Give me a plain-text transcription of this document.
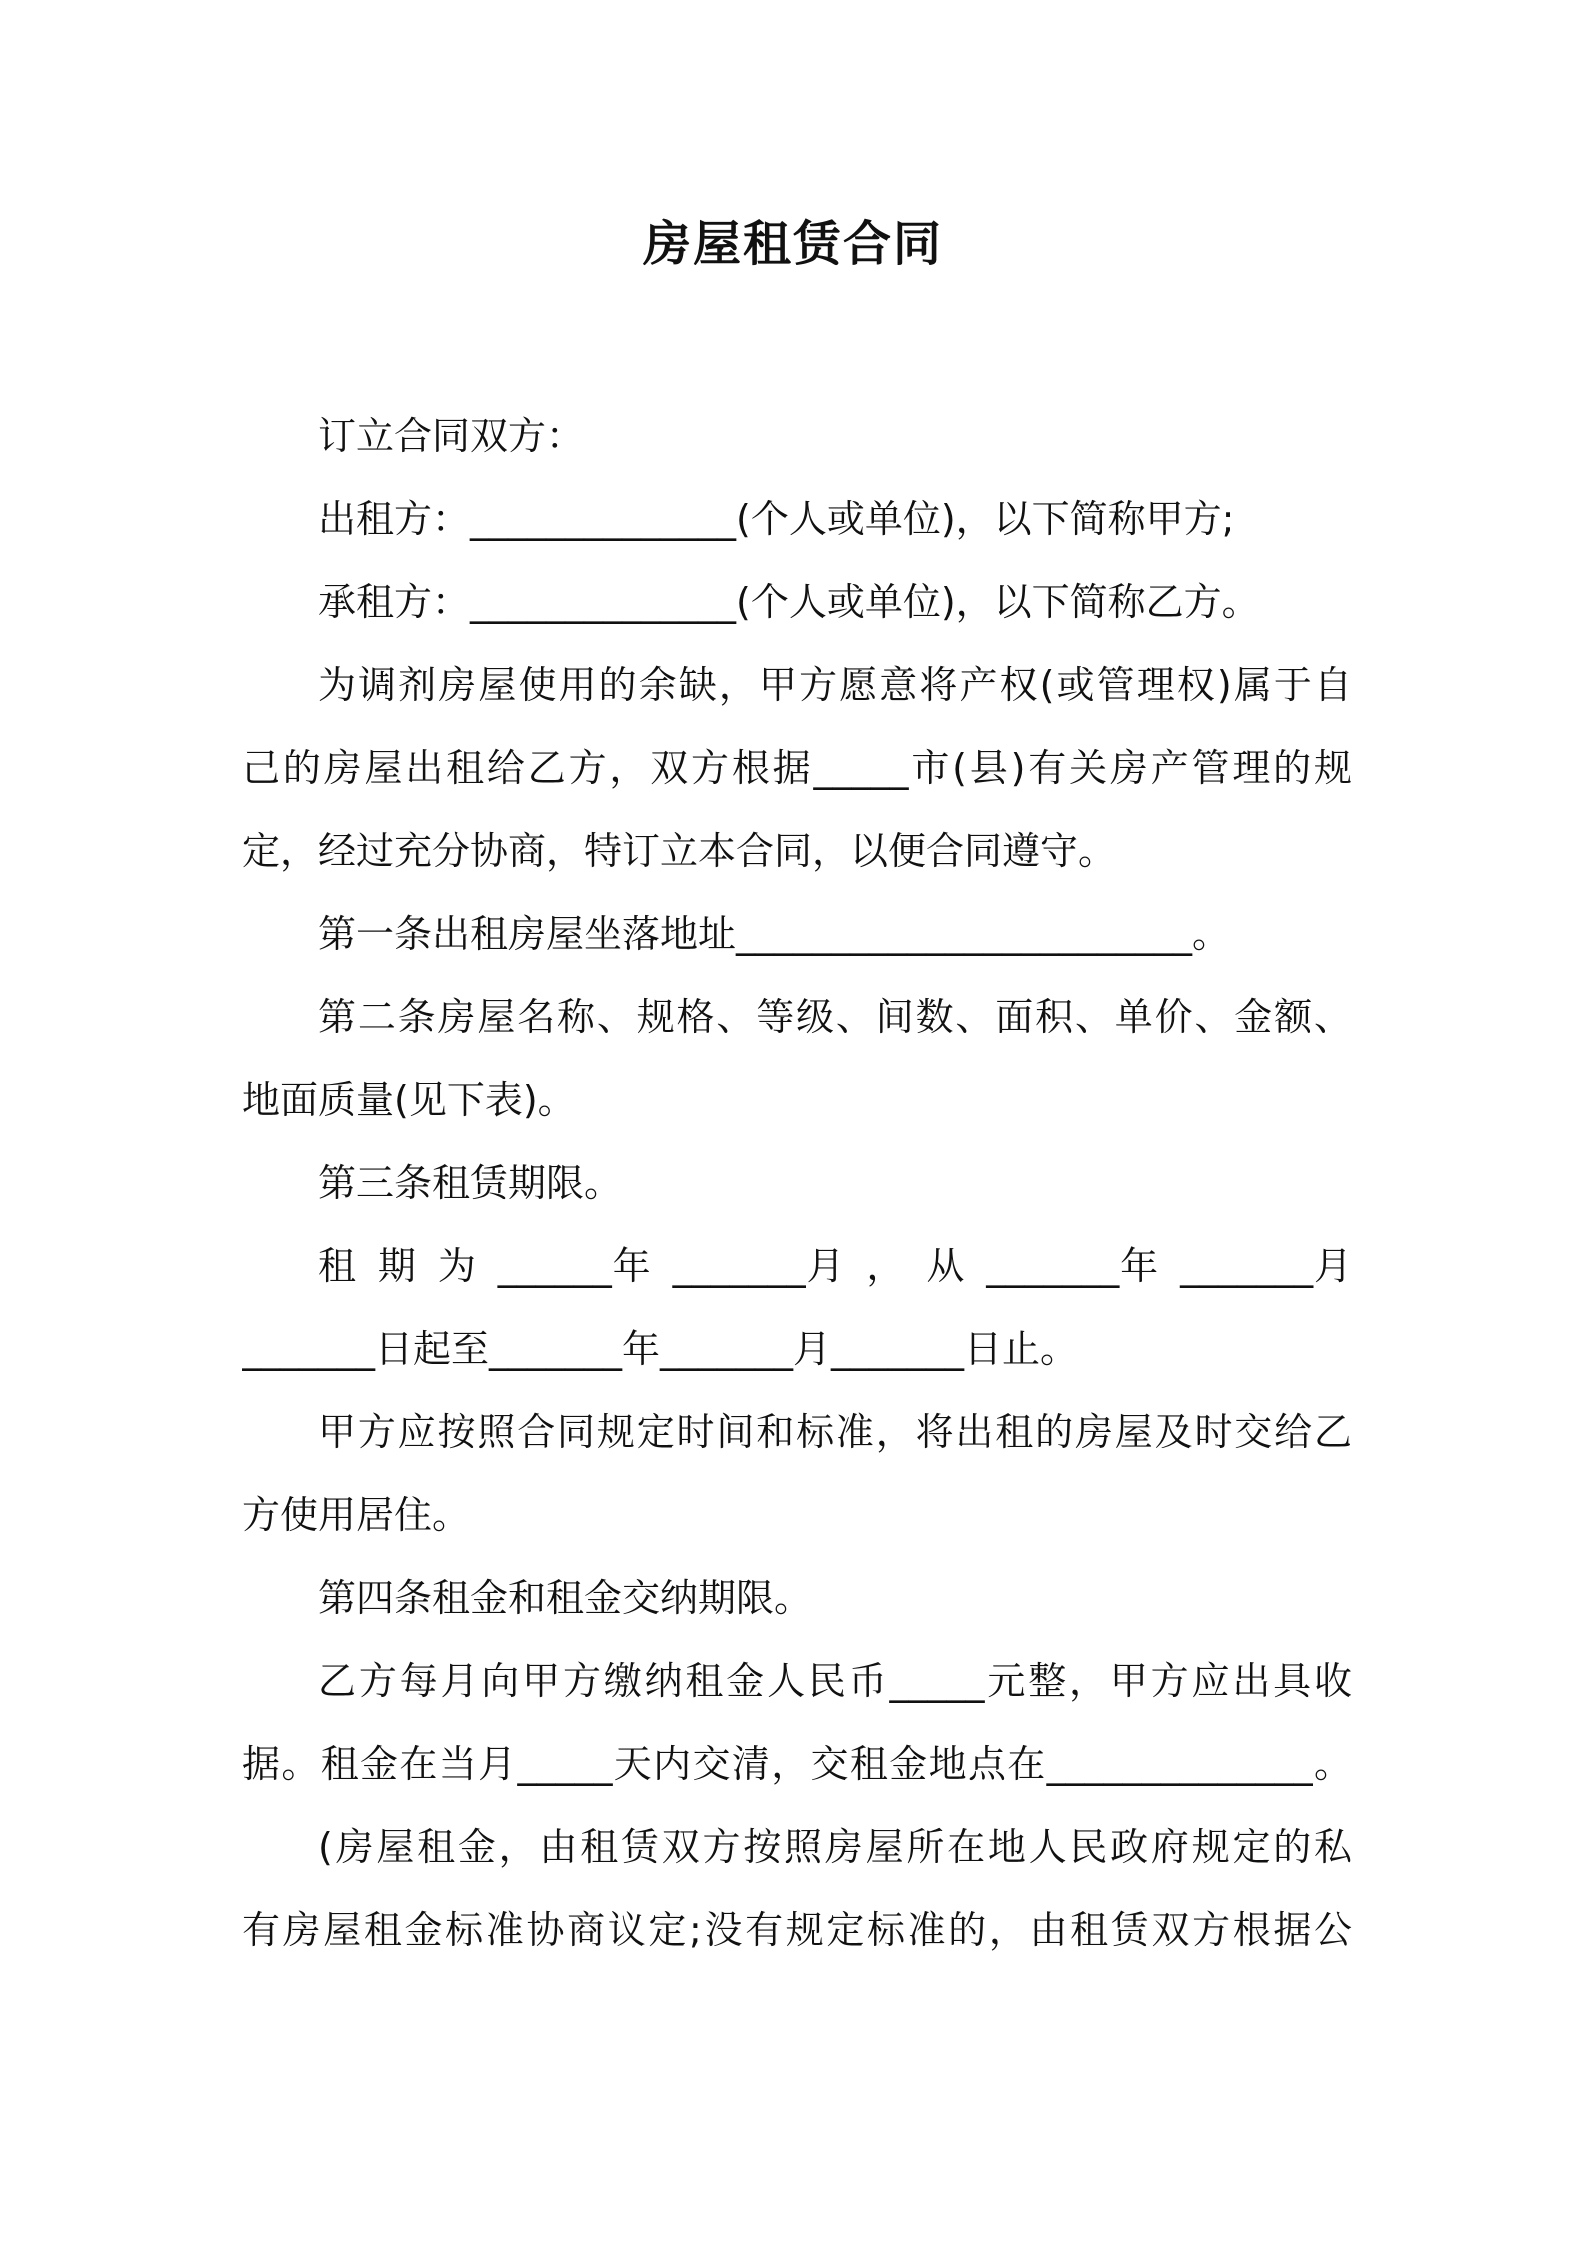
房屋租赁合同

订立合同双方：

出租方：______________(个人或单位)，以下简称甲方;

承租方：______________(个人或单位)，以下简称乙方。

为调剂房屋使用的余缺，甲方愿意将产权(或管理权)属于自

己的房屋出租给乙方，双方根据_____市(县)有关房产管理的规

定，经过充分协商，特订立本合同，以便合同遵守。

第一条出租房屋坐落地址________________________。

第二条房屋名称、规格、等级、间数、面积、单价、金额、

地面质量(见下表)。

第三条租赁期限。

租 期 为 ______年 _______月 ， 从 _______年 _______月

_______日起至_______年_______月_______日止。

甲方应按照合同规定时间和标准，将出租的房屋及时交给乙

方使用居住。

第四条租金和租金交纳期限。

乙方每月向甲方缴纳租金人民币_____元整，甲方应出具收

据。租金在当月_____天内交清，交租金地点在______________。

(房屋租金，由租赁双方按照房屋所在地人民政府规定的私

有房屋租金标准协商议定;没有规定标准的，由租赁双方根据公
